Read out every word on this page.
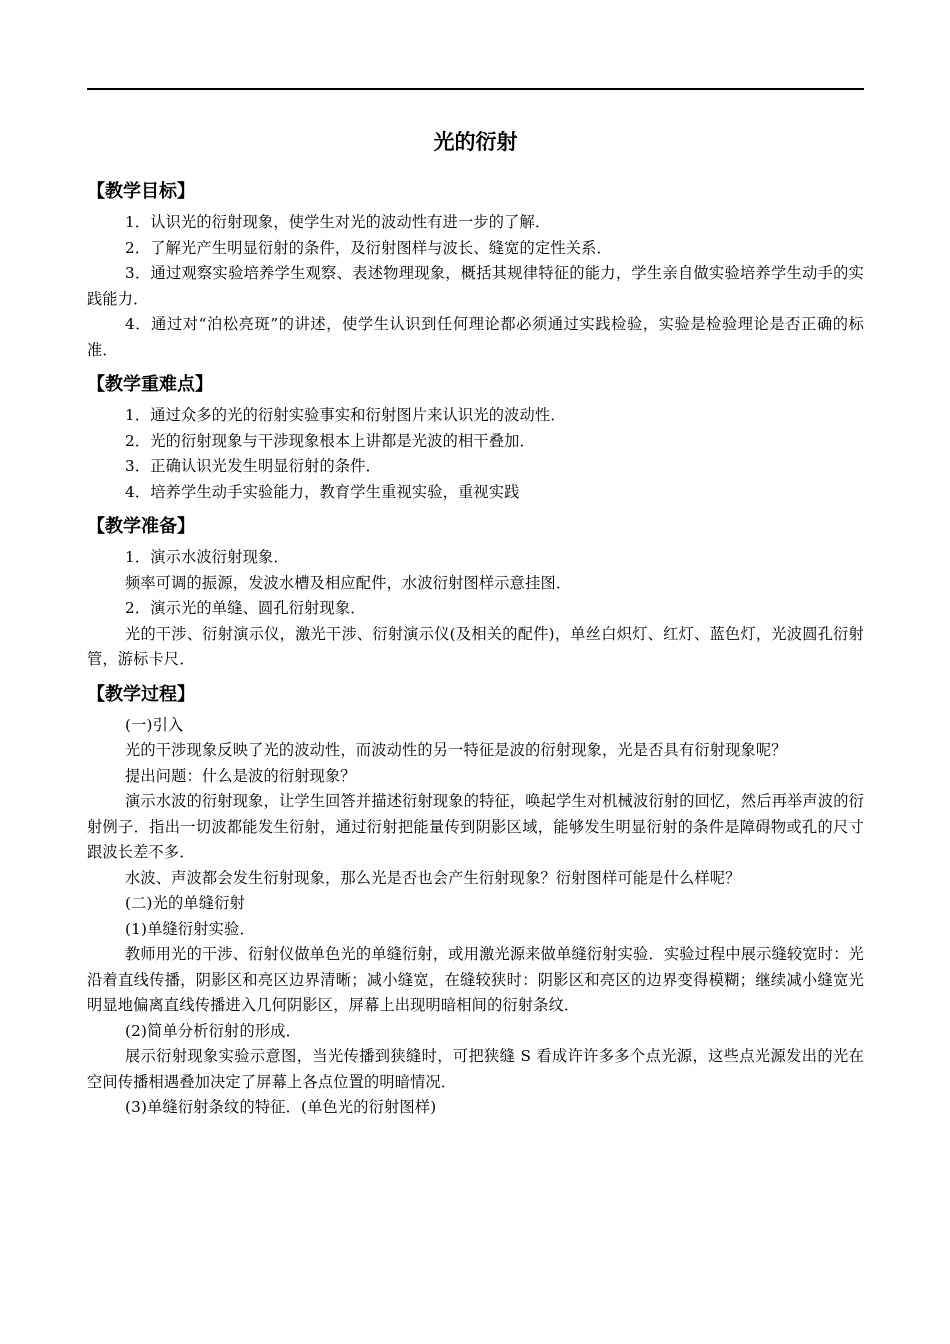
光的衍射
【教学目标】

1．认识光的衍射现象，使学生对光的波动性有进一步的了解．

2．了解光产生明显衍射的条件，及衍射图样与波长、缝宽的定性关系．

3．通过观察实验培养学生观察、表述物理现象，概括其规律特征的能力，学生亲自做实验培养学生动手的实践能力．

4．通过对“泊松亮斑”的讲述，使学生认识到任何理论都必须通过实践检验，实验是检验理论是否正确的标准．

【教学重难点】

1．通过众多的光的衍射实验事实和衍射图片来认识光的波动性．

2．光的衍射现象与干涉现象根本上讲都是光波的相干叠加．

3．正确认识光发生明显衍射的条件．

4．培养学生动手实验能力，教育学生重视实验，重视实践

【教学准备】

1．演示水波衍射现象．

频率可调的振源，发波水槽及相应配件，水波衍射图样示意挂图．

2．演示光的单缝、圆孔衍射现象．

光的干涉、衍射演示仪，激光干涉、衍射演示仪(及相关的配件)，单丝白炽灯、红灯、蓝色灯，光波圆孔衍射管，游标卡尺．

【教学过程】

(一)引入

光的干涉现象反映了光的波动性，而波动性的另一特征是波的衍射现象，光是否具有衍射现象呢？

提出问题：什么是波的衍射现象？

演示水波的衍射现象，让学生回答并描述衍射现象的特征，唤起学生对机械波衍射的回忆，然后再举声波的衍射例子．指出一切波都能发生衍射，通过衍射把能量传到阴影区域，能够发生明显衍射的条件是障碍物或孔的尺寸跟波长差不多．

水波、声波都会发生衍射现象，那么光是否也会产生衍射现象？衍射图样可能是什么样呢？

(二)光的单缝衍射

(1)单缝衍射实验．

教师用光的干涉、衍射仪做单色光的单缝衍射，或用激光源来做单缝衍射实验．实验过程中展示缝较宽时：光沿着直线传播，阴影区和亮区边界清晰；减小缝宽，在缝较狭时：阴影区和亮区的边界变得模糊；继续减小缝宽光明显地偏离直线传播进入几何阴影区，屏幕上出现明暗相间的衍射条纹．

(2)简单分析衍射的形成．

展示衍射现象实验示意图，当光传播到狭缝时，可把狭缝 S 看成许许多多个点光源，这些点光源发出的光在空间传播相遇叠加决定了屏幕上各点位置的明暗情况．

(3)单缝衍射条纹的特征．(单色光的衍射图样)
